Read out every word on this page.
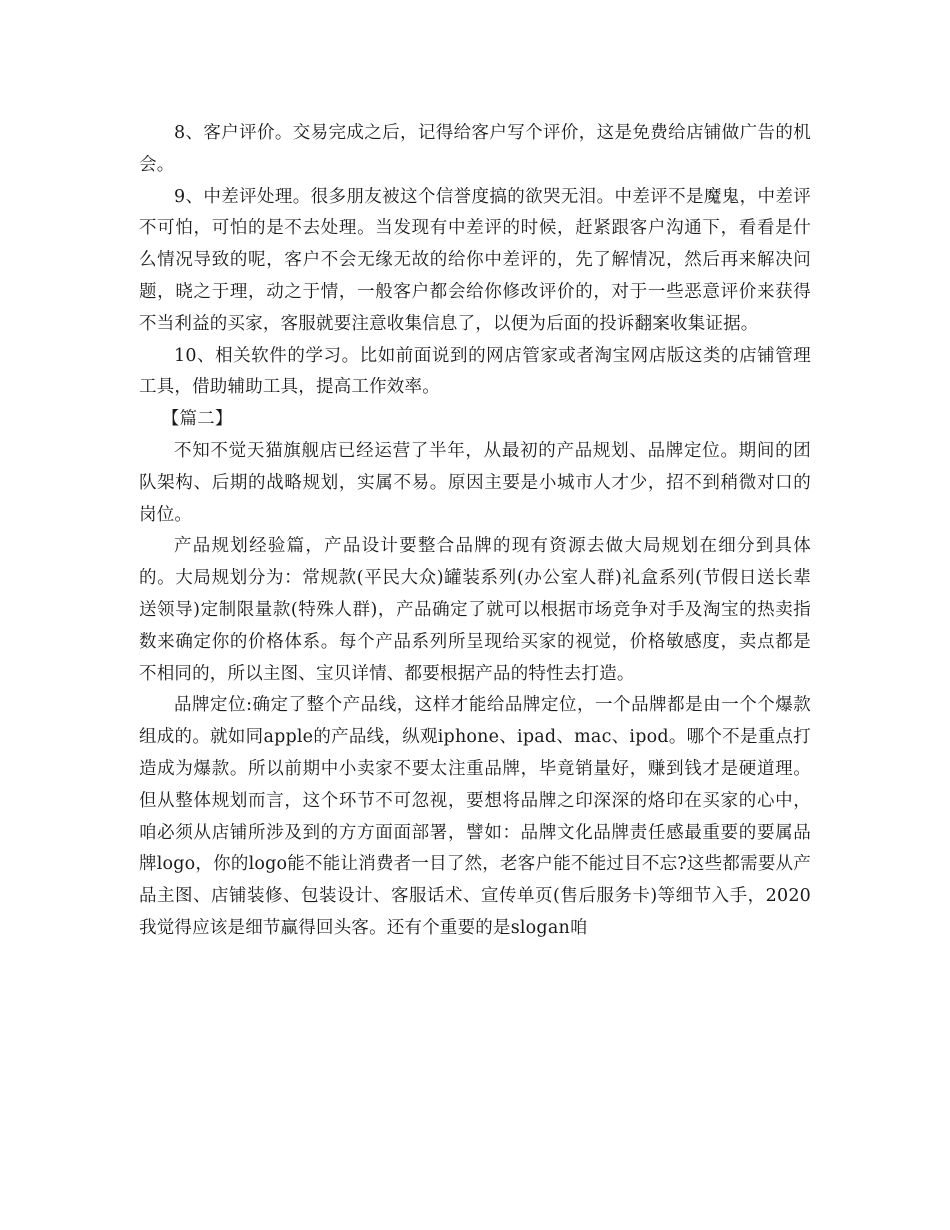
8、客户评价。交易完成之后，记得给客户写个评价，这是免费给店铺做广告的机会。

9、中差评处理。很多朋友被这个信誉度搞的欲哭无泪。中差评不是魔鬼，中差评不可怕，可怕的是不去处理。当发现有中差评的时候，赶紧跟客户沟通下，看看是什么情况导致的呢，客户不会无缘无故的给你中差评的，先了解情况，然后再来解决问题，晓之于理，动之于情，一般客户都会给你修改评价的，对于一些恶意评价来获得不当利益的买家，客服就要注意收集信息了，以便为后面的投诉翻案收集证据。

10、相关软件的学习。比如前面说到的网店管家或者淘宝网店版这类的店铺管理工具，借助辅助工具，提高工作效率。

【篇二】

不知不觉天猫旗舰店已经运营了半年，从最初的产品规划、品牌定位。期间的团队架构、后期的战略规划，实属不易。原因主要是小城市人才少，招不到稍微对口的岗位。

产品规划经验篇，产品设计要整合品牌的现有资源去做大局规划在细分到具体的。大局规划分为：常规款(平民大众)罐装系列(办公室人群)礼盒系列(节假日送长辈送领导)定制限量款(特殊人群)，产品确定了就可以根据市场竞争对手及淘宝的热卖指数来确定你的价格体系。每个产品系列所呈现给买家的视觉，价格敏感度，卖点都是不相同的，所以主图、宝贝详情、都要根据产品的特性去打造。

品牌定位:确定了整个产品线，这样才能给品牌定位，一个品牌都是由一个个爆款组成的。就如同apple的产品线，纵观iphone、ipad、mac、ipod。哪个不是重点打造成为爆款。所以前期中小卖家不要太注重品牌，毕竟销量好，赚到钱才是硬道理。但从整体规划而言，这个环节不可忽视，要想将品牌之印深深的烙印在买家的心中，咱必须从店铺所涉及到的方方面面部署，譬如：品牌文化品牌责任感最重要的要属品牌logo，你的logo能不能让消费者一目了然，老客户能不能过目不忘?这些都需要从产品主图、店铺装修、包装设计、客服话术、宣传单页(售后服务卡)等细节入手，2020我觉得应该是细节赢得回头客。还有个重要的是slogan咱
